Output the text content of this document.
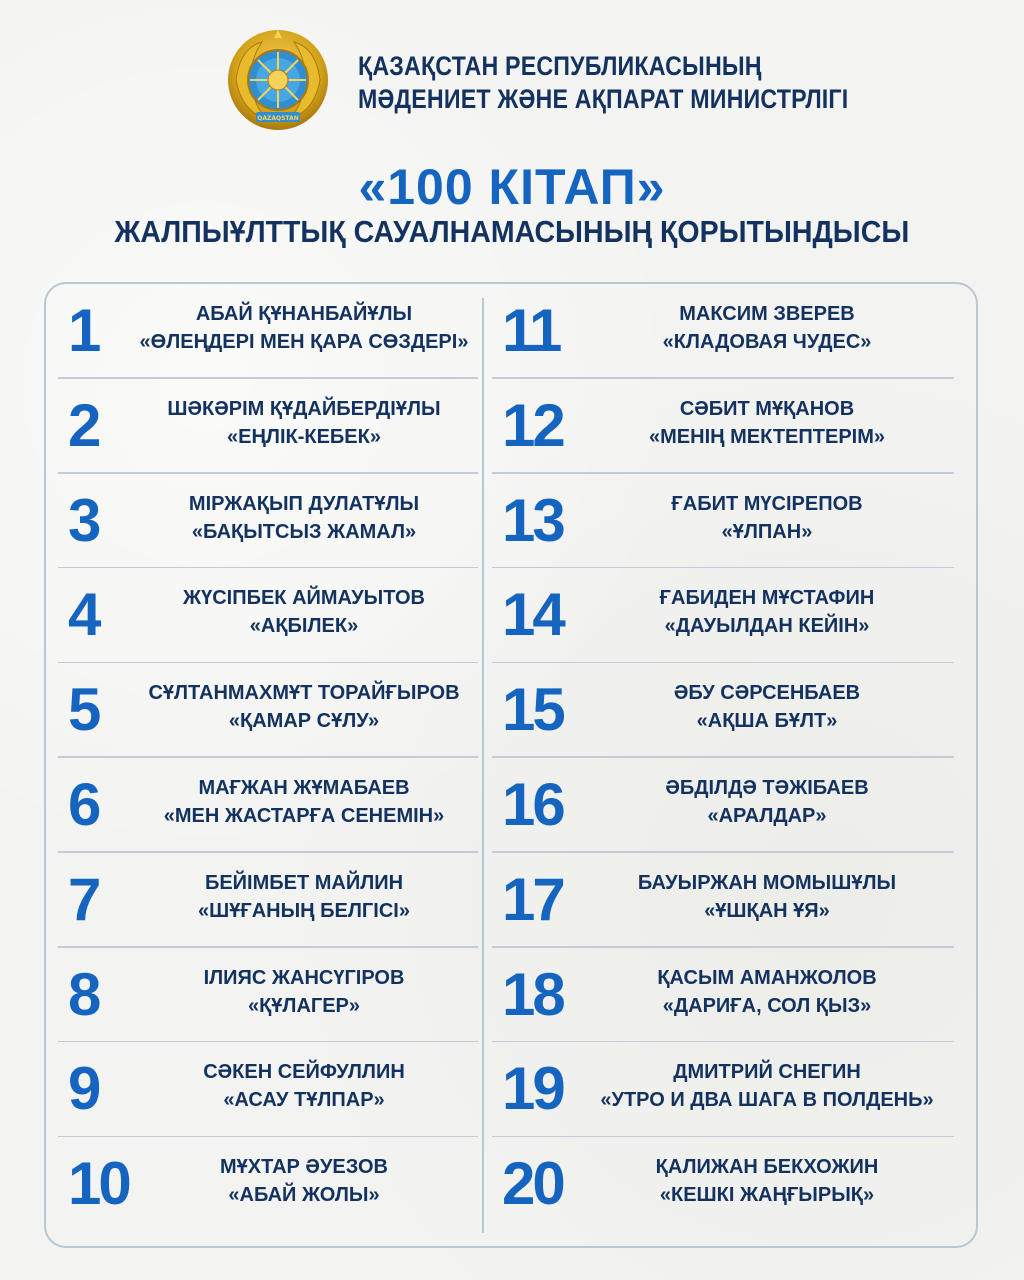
QAZAQSTAN
ҚАЗАҚСТАН РЕСПУБЛИКАСЫНЫҢ
МӘДЕНИЕТ ЖӘНЕ АҚПАРАТ МИНИСТРЛІГІ
«100 КІТАП»
ЖАЛПЫҰЛТТЫҚ САУАЛНАМАСЫНЫҢ ҚОРЫТЫНДЫСЫ
1	АБАЙ ҚҰНАНБАЙҰЛЫ
«ӨЛЕҢДЕРІ МЕН ҚАРА СӨЗДЕРІ»
2	ШӘКӘРІМ ҚҰДАЙБЕРДІҰЛЫ
«ЕҢЛІК-КЕБЕК»
3	МІРЖАҚЫП ДУЛАТҰЛЫ
«БАҚЫТСЫЗ ЖАМАЛ»
4	ЖҮСІПБЕК АЙМАУЫТОВ
«АҚБІЛЕК»
5	СҰЛТАНМАХМҰТ ТОРАЙҒЫРОВ
«ҚАМАР СҰЛУ»
6	МАҒЖАН ЖҰМАБАЕВ
«МЕН ЖАСТАРҒА СЕНЕМІН»
7	БЕЙІМБЕТ МАЙЛИН
«ШҰҒАНЫҢ БЕЛГІСІ»
8	ІЛИЯС ЖАНСҮГІРОВ
«ҚҰЛАГЕР»
9	СӘКЕН СЕЙФУЛЛИН
«АСАУ ТҰЛПАР»
10	МҰХТАР ӘУЕЗОВ
«АБАЙ ЖОЛЫ»
11	МАКСИМ ЗВЕРЕВ
«КЛАДОВАЯ ЧУДЕС»
12	СӘБИТ МҰҚАНОВ
«МЕНІҢ МЕКТЕПТЕРІМ»
13	ҒАБИТ МҮСІРЕПОВ
«ҰЛПАН»
14	ҒАБИДЕН МҰСТАФИН
«ДАУЫЛДАН КЕЙІН»
15	ӘБУ СӘРСЕНБАЕВ
«АҚША БҰЛТ»
16	ӘБДІЛДӘ ТӘЖІБАЕВ
«АРАЛДАР»
17	БАУЫРЖАН МОМЫШҰЛЫ
«ҰШҚАН ҰЯ»
18	ҚАСЫМ АМАНЖОЛОВ
«ДАРИҒА, СОЛ ҚЫЗ»
19	ДМИТРИЙ СНЕГИН
«УТРО И ДВА ШАГА В ПОЛДЕНЬ»
20	ҚАЛИЖАН БЕКХОЖИН
«КЕШКІ ЖАҢҒЫРЫҚ»
